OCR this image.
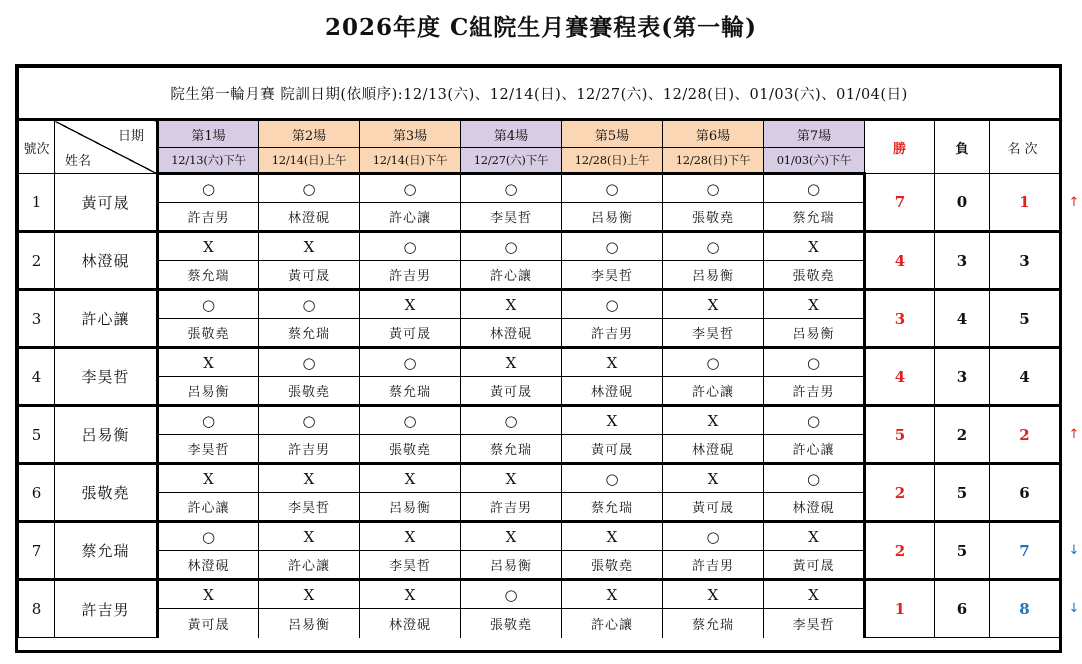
2026年度 C組院生月賽賽程表(第一輪)
院生第一輪月賽 院訓日期(依順序):12/13(六)、12/14(日)、12/27(六)、12/28(日)、01/03(六)、01/04(日)											
號次	日期
姓名	第1場	第2場	第3場	第4場	第5場	第6場	第7場	勝	負	名次
		12/13(六)下午	12/14(日)上午	12/14(日)下午	12/27(六)下午	12/28(日)上午	12/28(日)下午	01/03(六)下午			
1	黃可晟	○	○	○	○	○	○	○	7	0	1
		許吉男	林澄硯	許心讓	李昊哲	呂易衡	張敬堯	蔡允瑞			
2	林澄硯	X	X	○	○	○	○	X	4	3	3
		蔡允瑞	黃可晟	許吉男	許心讓	李昊哲	呂易衡	張敬堯			
3	許心讓	○	○	X	X	○	X	X	3	4	5
		張敬堯	蔡允瑞	黃可晟	林澄硯	許吉男	李昊哲	呂易衡			
4	李昊哲	X	○	○	X	X	○	○	4	3	4
		呂易衡	張敬堯	蔡允瑞	黃可晟	林澄硯	許心讓	許吉男			
5	呂易衡	○	○	○	○	X	X	○	5	2	2
		李昊哲	許吉男	張敬堯	蔡允瑞	黃可晟	林澄硯	許心讓			
6	張敬堯	X	X	X	X	○	X	○	2	5	6
		許心讓	李昊哲	呂易衡	許吉男	蔡允瑞	黃可晟	林澄硯			
7	蔡允瑞	○	X	X	X	X	○	X	2	5	7
		林澄硯	許心讓	李昊哲	呂易衡	張敬堯	許吉男	黃可晟			
8	許吉男	X	X	X	○	X	X	X	1	6	8
		黃可晟	呂易衡	林澄硯	張敬堯	許心讓	蔡允瑞	李昊哲			
↑
↑
↓
↓
